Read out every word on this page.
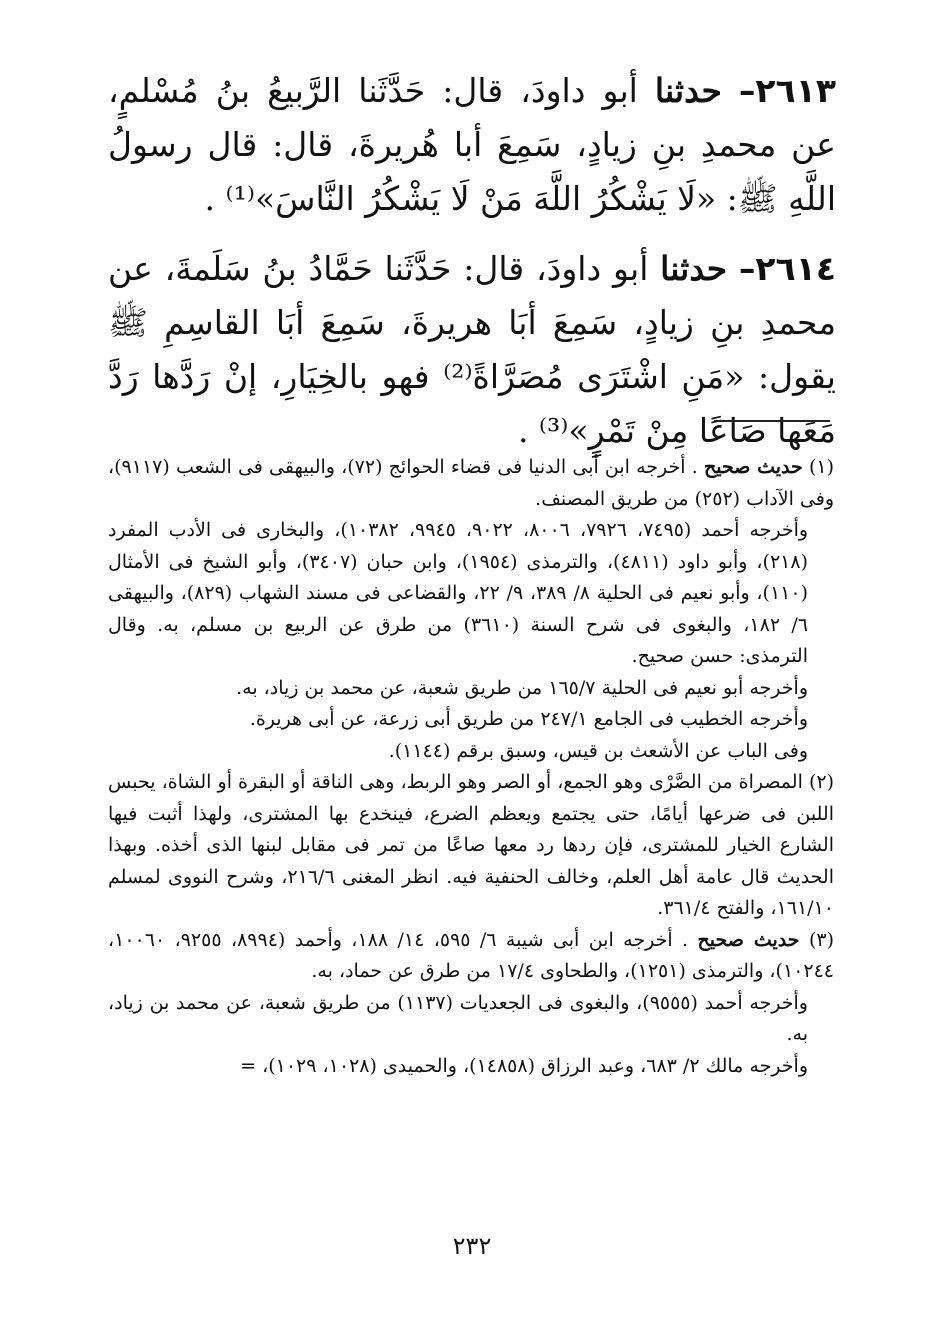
٢٦١٣– حدثنا أبو داودَ، قال: حَدَّثَنا الرَّبيعُ بنُ مُسْلمٍ، عن محمدِ بنِ زيادٍ، سَمِعَ أبا هُريرةَ، قال: قال رسولُ اللَّهِ ﷺ: «لَا يَشْكُرُ اللَّهَ مَنْ لَا يَشْكُرُ النَّاسَ»⁽¹⁾ .

٢٦١٤– حدثنا أبو داودَ، قال: حَدَّثَنا حَمَّادُ بنُ سَلَمةَ، عن محمدِ بنِ زيادٍ، سَمِعَ أبَا هريرةَ، سَمِعَ أبَا القاسِمِ ﷺ يقول: «مَنِ اشْتَرَى مُصَرَّاةً⁽²⁾ فهو بالخِيَارِ، إنْ رَدَّها رَدَّ مَعَها صَاعًا مِنْ تَمْرٍ»⁽³⁾ .

(١) حديث صحيح . أخرجه ابن أبى الدنيا فى قضاء الحوائج (٧٢)، والبيهقى فى الشعب (٩١١٧)، وفى الآداب (٢٥٢) من طريق المصنف.

وأخرجه أحمد (٧٤٩٥، ٧٩٢٦، ٨٠٠٦، ٩٠٢٢، ٩٩٤٥، ١٠٣٨٢)، والبخارى فى الأدب المفرد (٢١٨)، وأبو داود (٤٨١١)، والترمذى (١٩٥٤)، وابن حبان (٣٤٠٧)، وأبو الشيخ فى الأمثال (١١٠)، وأبو نعيم فى الحلية ٨/ ٣٨٩، ٩/ ٢٢، والقضاعى فى مسند الشهاب (٨٢٩)، والبيهقى ٦/ ١٨٢، والبغوى فى شرح السنة (٣٦١٠) من طرق عن الربيع بن مسلم، به. وقال الترمذى: حسن صحيح.

وأخرجه أبو نعيم فى الحلية ١٦٥/٧ من طريق شعبة، عن محمد بن زياد، به.

وأخرجه الخطيب فى الجامع ٢٤٧/١ من طريق أبى زرعة، عن أبى هريرة.

وفى الباب عن الأشعث بن قيس، وسبق برقم (١١٤٤).

(٢) المصراة من الصَّرْى وهو الجمع، أو الصر وهو الربط، وهى الناقة أو البقرة أو الشاة، يحبس اللبن فى ضرعها أيامًا، حتى يجتمع ويعظم الضرع، فينخدع بها المشترى، ولهذا أثبت فيها الشارع الخيار للمشترى، فإن ردها رد معها صاعًا من تمر فى مقابل لبنها الذى أخذه. وبهذا الحديث قال عامة أهل العلم، وخالف الحنفية فيه. انظر المغنى ٢١٦/٦، وشرح النووى لمسلم ١٦١/١٠، والفتح ٣٦١/٤.

(٣) حديث صحيح . أخرجه ابن أبى شيبة ٦/ ٥٩٥، ١٤/ ١٨٨، وأحمد (٨٩٩٤، ٩٢٥٥، ١٠٠٦٠، ١٠٢٤٤)، والترمذى (١٢٥١)، والطحاوى ١٧/٤ من طرق عن حماد، به.

وأخرجه أحمد (٩٥٥٥)، والبغوى فى الجعديات (١١٣٧) من طريق شعبة، عن محمد بن زياد، به.

وأخرجه مالك ٢/ ٦٨٣، وعبد الرزاق (١٤٨٥٨)، والحميدى (١٠٢٨، ١٠٢٩)، =

٢٣٢
